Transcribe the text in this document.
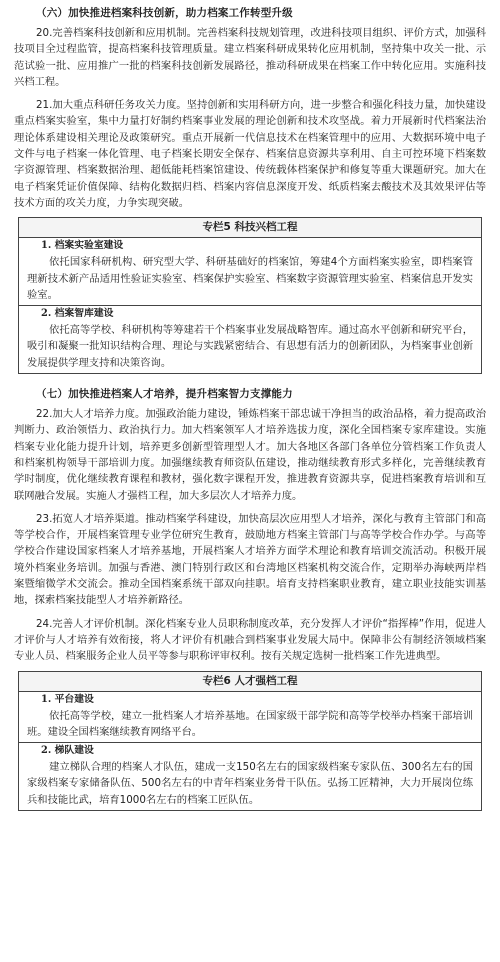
（六）加快推进档案科技创新，助力档案工作转型升级

20.完善档案科技创新和应用机制。完善档案科技规划管理，改进科技项目组织、评价方式，加强科技项目全过程监管，提高档案科技管理质量。建立档案科研成果转化应用机制，坚持集中攻关一批、示范试验一批、应用推广一批的档案科技创新发展路径，推动科研成果在档案工作中转化应用。实施科技兴档工程。

21.加大重点科研任务攻关力度。坚持创新和实用科研方向，进一步整合和强化科技力量，加快建设重点档案实验室，集中力量打好制约档案事业发展的理论创新和技术攻坚战。着力开展新时代档案法治理论体系建设相关理论及政策研究。重点开展新一代信息技术在档案管理中的应用、大数据环境中电子文件与电子档案一体化管理、电子档案长期安全保存、档案信息资源共享利用、自主可控环境下档案数字资源管理、档案数据治理、超低能耗档案馆建设、传统载体档案保护和修复等重大课题研究。加大在电子档案凭证价值保障、结构化数据归档、档案内容信息深度开发、纸质档案去酸技术及其效果评估等技术方面的攻关力度，力争实现突破。

专栏5 科技兴档工程

1. 档案实验室建设

依托国家科研机构、研究型大学、科研基础好的档案馆，筹建4个方面档案实验室，即档案管理新技术新产品适用性验证实验室、档案保护实验室、档案数字资源管理实验室、档案信息开发实验室。

2. 档案智库建设

依托高等学校、科研机构等筹建若干个档案事业发展战略智库。通过高水平创新和研究平台，吸引和凝聚一批知识结构合理、理论与实践紧密结合、有思想有活力的创新团队，为档案事业创新发展提供学理支持和决策咨询。

（七）加快推进档案人才培养，提升档案智力支撑能力

22.加大人才培养力度。加强政治能力建设，锤炼档案干部忠诚干净担当的政治品格，着力提高政治判断力、政治领悟力、政治执行力。加大档案领军人才培养选拔力度，深化全国档案专家库建设。实施档案专业化能力提升计划，培养更多创新型管理型人才。加大各地区各部门各单位分管档案工作负责人和档案机构领导干部培训力度。加强继续教育师资队伍建设，推动继续教育形式多样化，完善继续教育学时制度，优化继续教育课程和教材，强化数字课程开发，推进教育资源共享，促进档案教育培训和互联网融合发展。实施人才强档工程，加大多层次人才培养力度。

23.拓宽人才培养渠道。推动档案学科建设，加快高层次应用型人才培养，深化与教育主管部门和高等学校合作，开展档案管理专业学位研究生教育，鼓励地方档案主管部门与高等学校合作办学。与高等学校合作建设国家档案人才培养基地，开展档案人才培养方面学术理论和教育培训交流活动。积极开展境外档案业务培训。加强与香港、澳门特别行政区和台湾地区档案机构交流合作，定期举办海峡两岸档案暨缩微学术交流会。推动全国档案系统干部双向挂职。培育支持档案职业教育，建立职业技能实训基地，探索档案技能型人才培养新路径。

24.完善人才评价机制。深化档案专业人员职称制度改革，充分发挥人才评价“指挥棒”作用，促进人才评价与人才培养有效衔接，将人才评价有机融合到档案事业发展大局中。保障非公有制经济领域档案专业人员、档案服务企业人员平等参与职称评审权利。按有关规定选树一批档案工作先进典型。

专栏6 人才强档工程

1. 平台建设

依托高等学校，建立一批档案人才培养基地。在国家级干部学院和高等学校举办档案干部培训班。建设全国档案继续教育网络平台。

2. 梯队建设

建立梯队合理的档案人才队伍，建成一支150名左右的国家级档案专家队伍、300名左右的国家级档案专家储备队伍、500名左右的中青年档案业务骨干队伍。弘扬工匠精神，大力开展岗位练兵和技能比武，培育1000名左右的档案工匠队伍。
